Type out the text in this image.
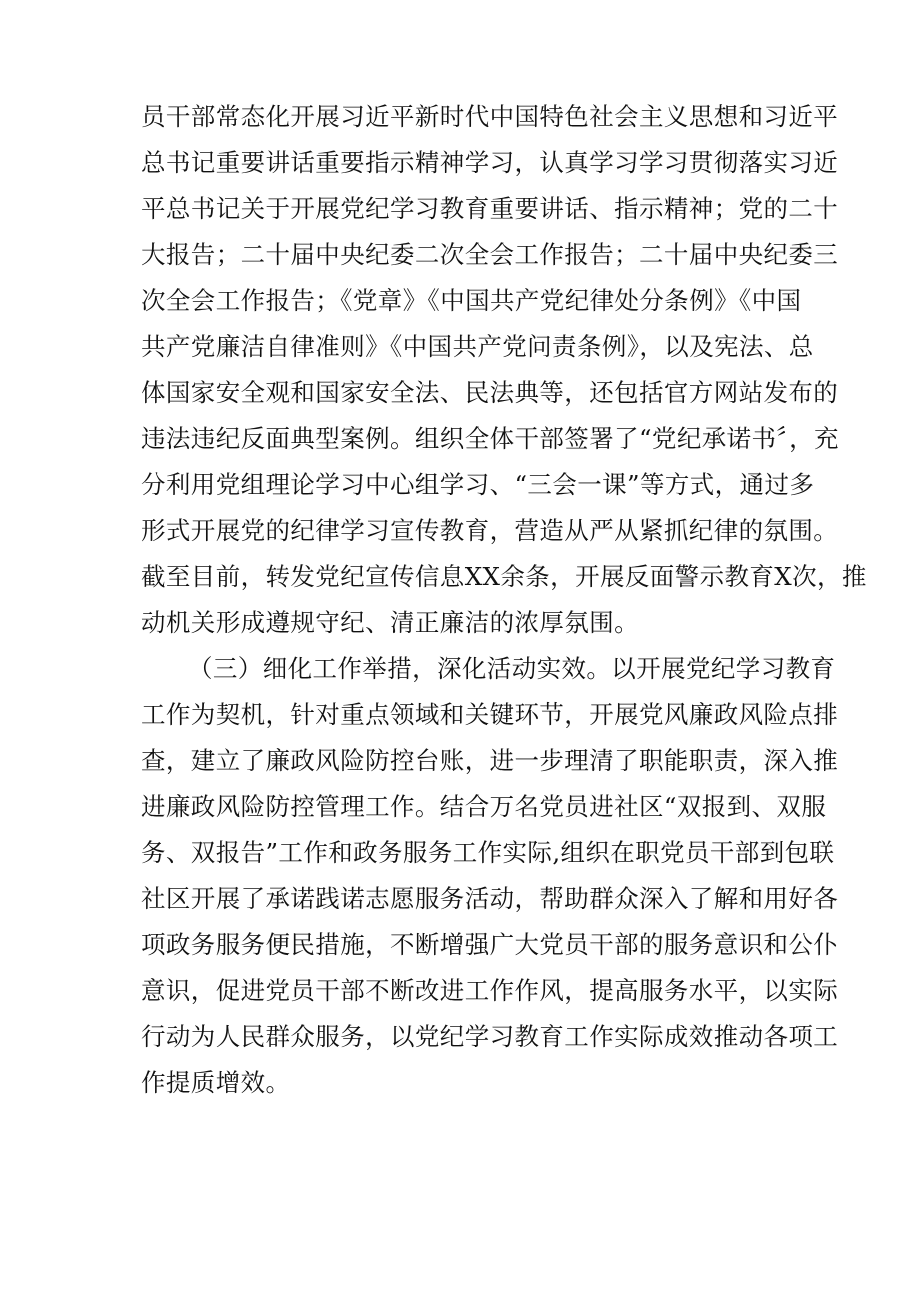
员干部常态化开展习近平新时代中国特色社会主义思想和习近平
总书记重要讲话重要指示精神学习，认真学习学习贯彻落实习近
平总书记关于开展党纪学习教育重要讲话、指示精神；党的二十
大报告；二十届中央纪委二次全会工作报告；二十届中央纪委三
次全会工作报告；《党章》《中国共产党纪律处分条例》《中国
共产党廉洁自律准则》《中国共产党问责条例》，以及宪法、总
体国家安全观和国家安全法、民法典等，还包括官方网站发布的
违法违纪反面典型案例。组织全体干部签署了“党纪承诺书〞，充
分利用党组理论学习中心组学习、“三会一课”等方式，通过多
形式开展党的纪律学习宣传教育，营造从严从紧抓纪律的氛围。
截至目前，转发党纪宣传信息XX余条，开展反面警示教育X次，推
动机关形成遵规守纪、清正廉洁的浓厚氛围。
（三）细化工作举措，深化活动实效。以开展党纪学习教育
工作为契机，针对重点领域和关键环节，开展党风廉政风险点排
查，建立了廉政风险防控台账，进一步理清了职能职责，深入推
进廉政风险防控管理工作。结合万名党员进社区“双报到、双服
务、双报告”工作和政务服务工作实际,组织在职党员干部到包联
社区开展了承诺践诺志愿服务活动，帮助群众深入了解和用好各
项政务服务便民措施，不断增强广大党员干部的服务意识和公仆
意识，促进党员干部不断改进工作作风，提高服务水平，以实际
行动为人民群众服务，以党纪学习教育工作实际成效推动各项工
作提质增效。
